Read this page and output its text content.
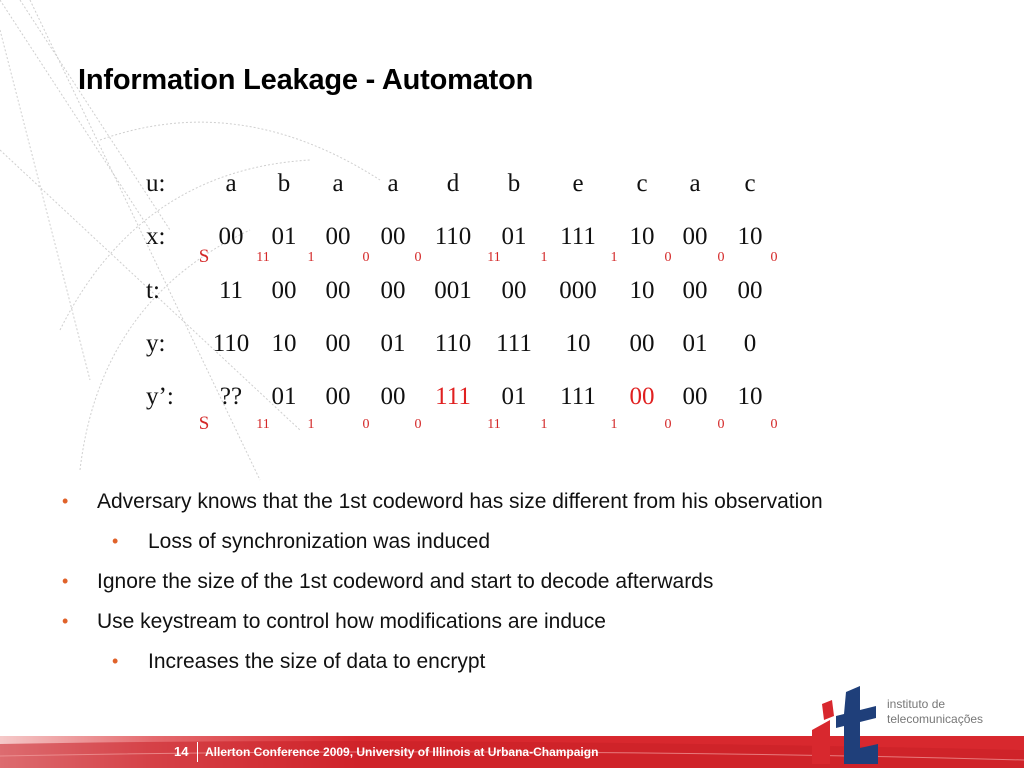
Information Leakage - Automaton
u: a b a a d b e c a c
x: 00 01 00 00 110 01 111 10 00 10
t: 11 00 00 00 001 00 000 10 00 00
y: 110 10 00 01 110 111 10 00 01 0
y’: ?? 01 00 00 111 01 111 00 00 10
S	11	1	0	0	11	1	1	0	0	0
S	11	1	0	0	11	1	1	0	0	0
• Adversary knows that the 1st codeword has size different from his observation
• Loss of synchronization was induced
• Ignore the size of the 1st codeword and start to decode afterwards
• Use keystream to control how modifications are induce
• Increases the size of data to encrypt
14 Allerton Conference 2009, University of Illinois at Urbana-Champaign
instituto de
telecomunicações
